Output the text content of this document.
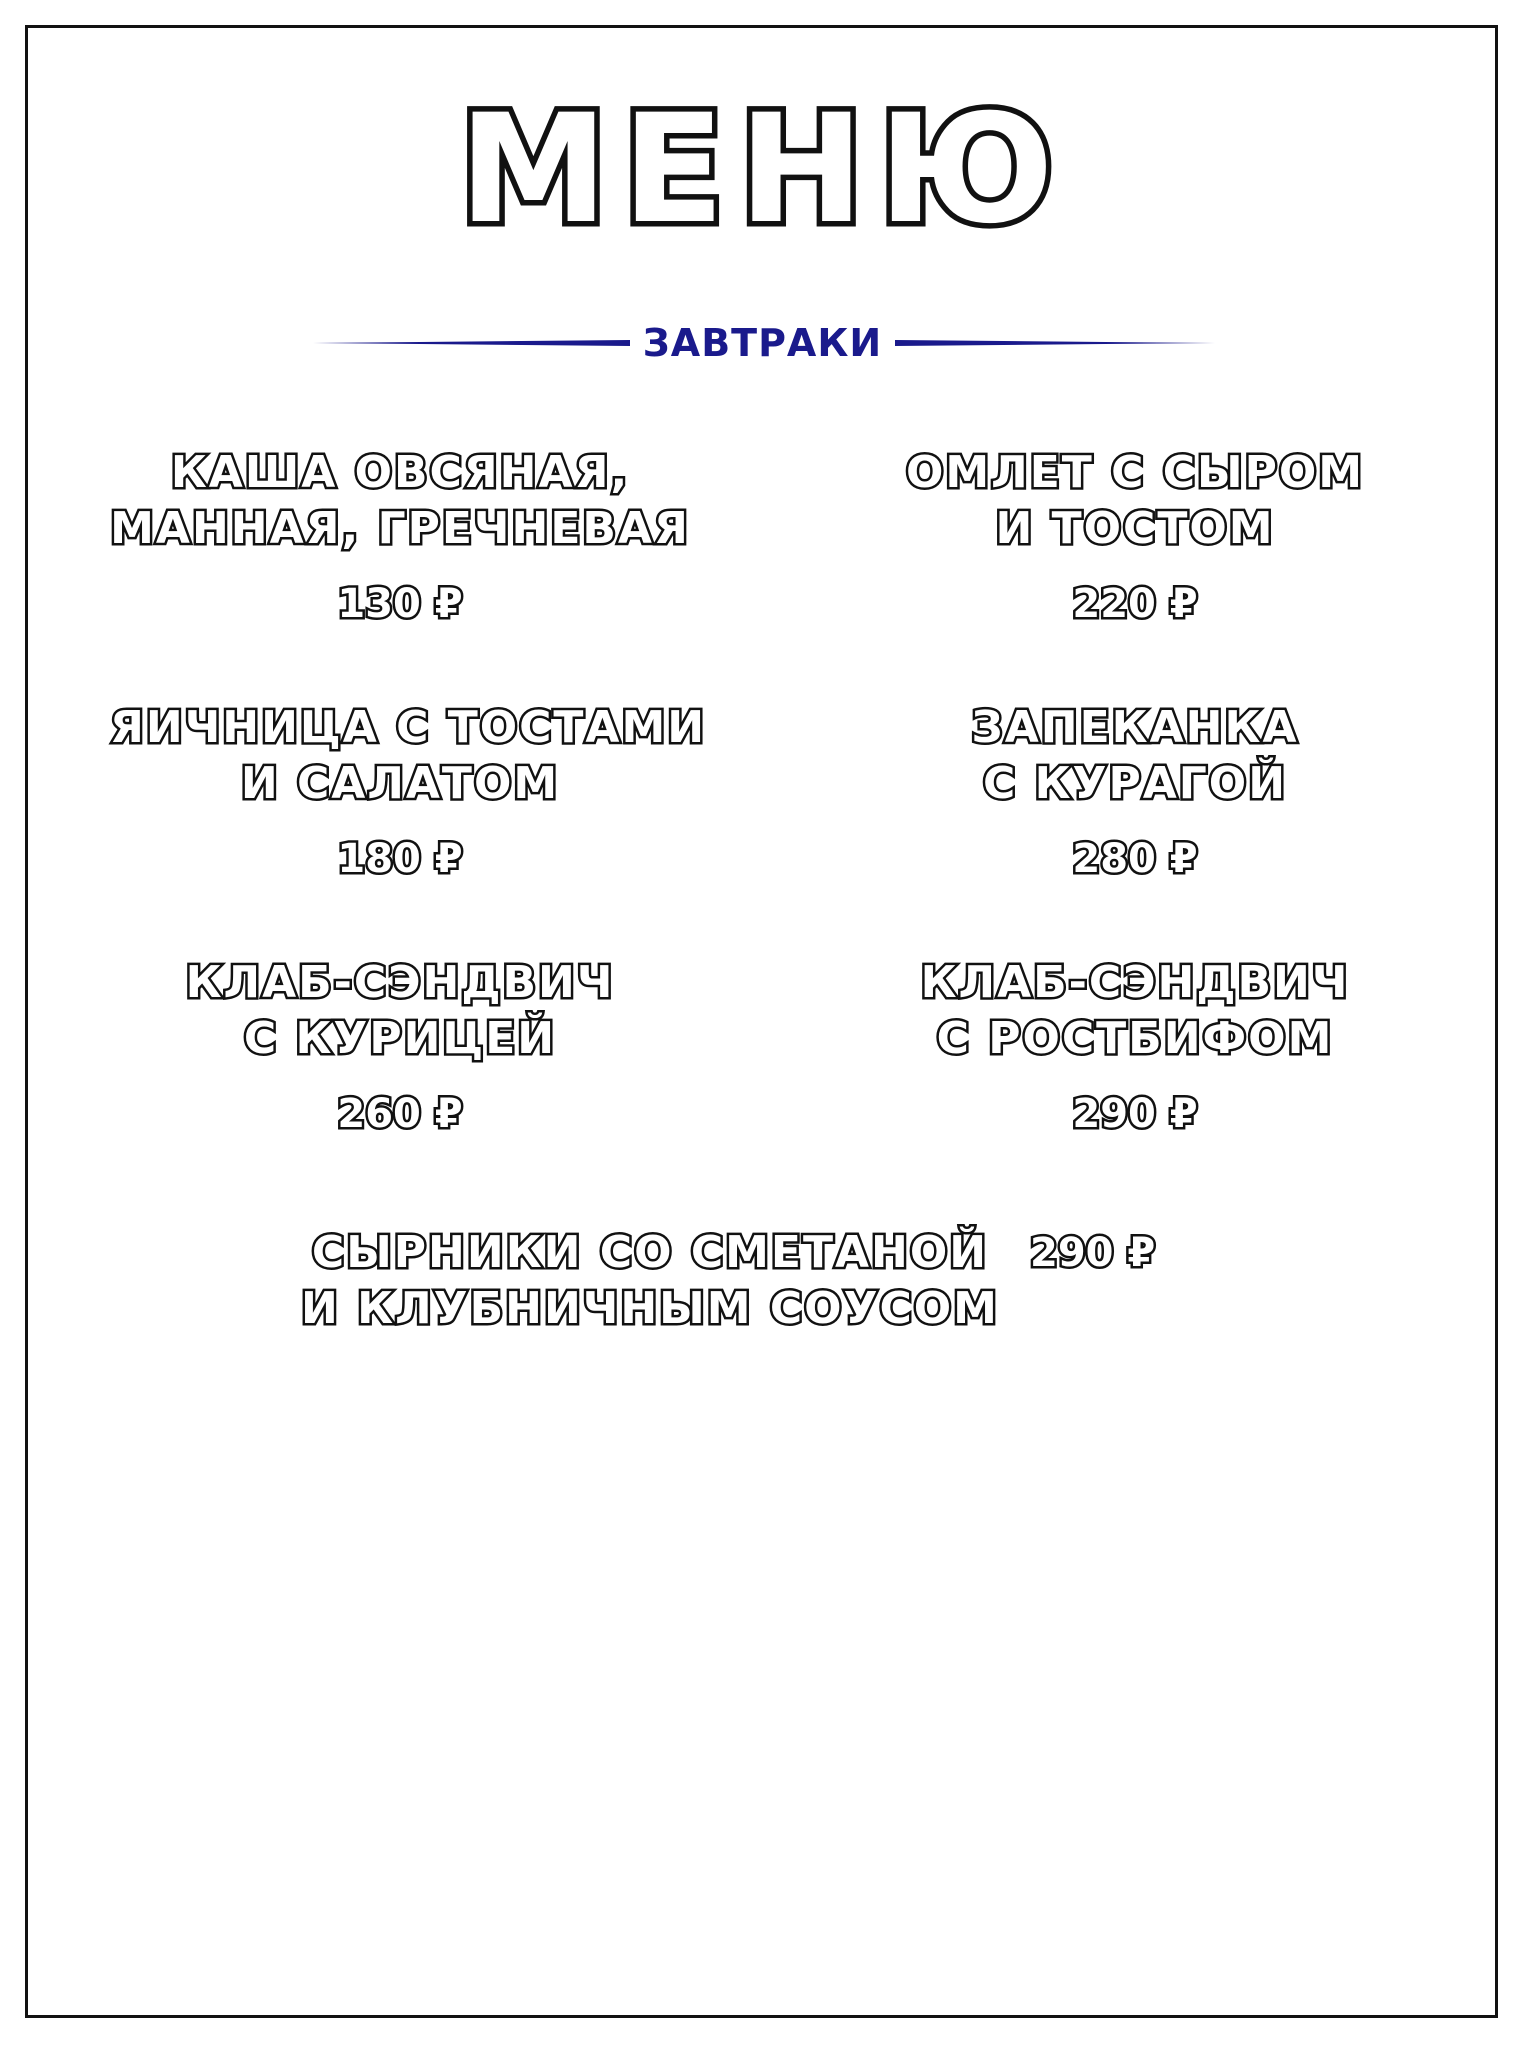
МЕНЮ
ЗАВТРАКИ
КАША ОВСЯНАЯ,
МАННАЯ, ГРЕЧНЕВАЯ
130 ₽
ОМЛЕТ С СЫРОМ
И ТОСТОМ
220 ₽
ЯИЧНИЦА С ТОСТАМИ
И САЛАТОМ
180 ₽
ЗАПЕКАНКА
С КУРАГОЙ
280 ₽
КЛАБ-СЭНДВИЧ
С КУРИЦЕЙ
260 ₽
КЛАБ-СЭНДВИЧ
С РОСТБИФОМ
290 ₽
СЫРНИКИ СО СМЕТАНОЙ
И КЛУБНИЧНЫМ СОУСОМ
290 ₽
